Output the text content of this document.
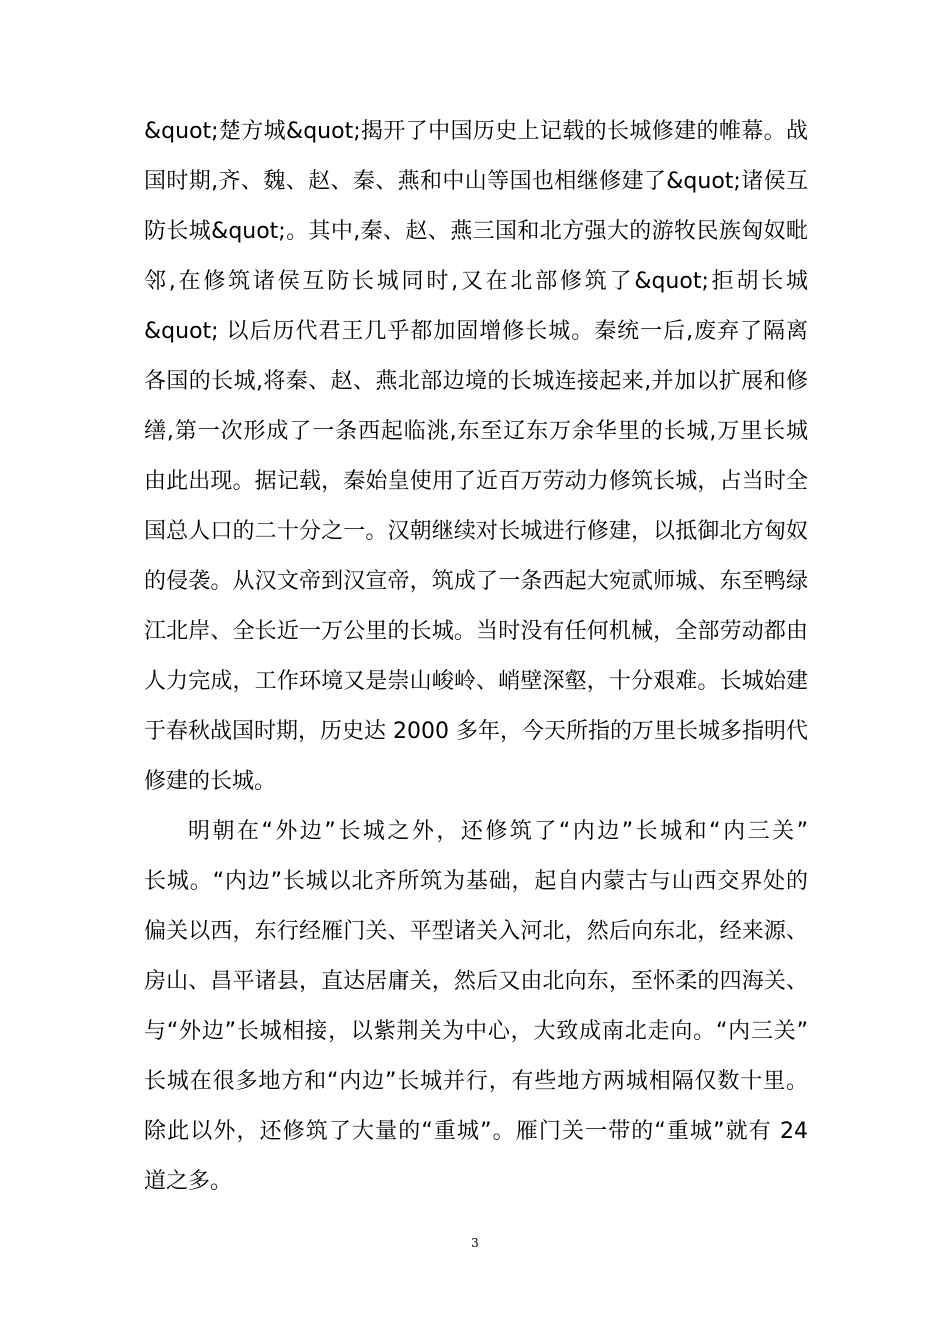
&quot;楚方城&quot;揭开了中国历史上记载的长城修建的帷幕。战
国时期,齐、魏、赵、秦、燕和中山等国也相继修建了&quot;诸侯互
防长城&quot;。其中,秦、赵、燕三国和北方强大的游牧民族匈奴毗
邻,在修筑诸侯互防长城同时,又在北部修筑了&quot;拒胡长城
&quot; 以后历代君王几乎都加固增修长城。秦统一后,废弃了隔离
各国的长城,将秦、赵、燕北部边境的长城连接起来,并加以扩展和修
缮,第一次形成了一条西起临洮,东至辽东万余华里的长城,万里长城
由此出现。据记载，秦始皇使用了近百万劳动力修筑长城，占当时全
国总人口的二十分之一。汉朝继续对长城进行修建，以抵御北方匈奴
的侵袭。从汉文帝到汉宣帝，筑成了一条西起大宛贰师城、东至鸭绿
江北岸、全长近一万公里的长城。当时没有任何机械，全部劳动都由
人力完成，工作环境又是崇山峻岭、峭壁深壑，十分艰难。长城始建
于春秋战国时期，历史达 2000 多年，今天所指的万里长城多指明代
修建的长城。
明朝在“外边”长城之外，还修筑了“内边”长城和“内三关”
长城。“内边”长城以北齐所筑为基础，起自内蒙古与山西交界处的
偏关以西，东行经雁门关、平型诸关入河北，然后向东北，经来源、
房山、昌平诸县，直达居庸关，然后又由北向东，至怀柔的四海关、
与“外边”长城相接，以紫荆关为中心，大致成南北走向。“内三关”
长城在很多地方和“内边”长城并行，有些地方两城相隔仅数十里。
除此以外，还修筑了大量的“重城”。雁门关一带的“重城”就有 24
道之多。
3
